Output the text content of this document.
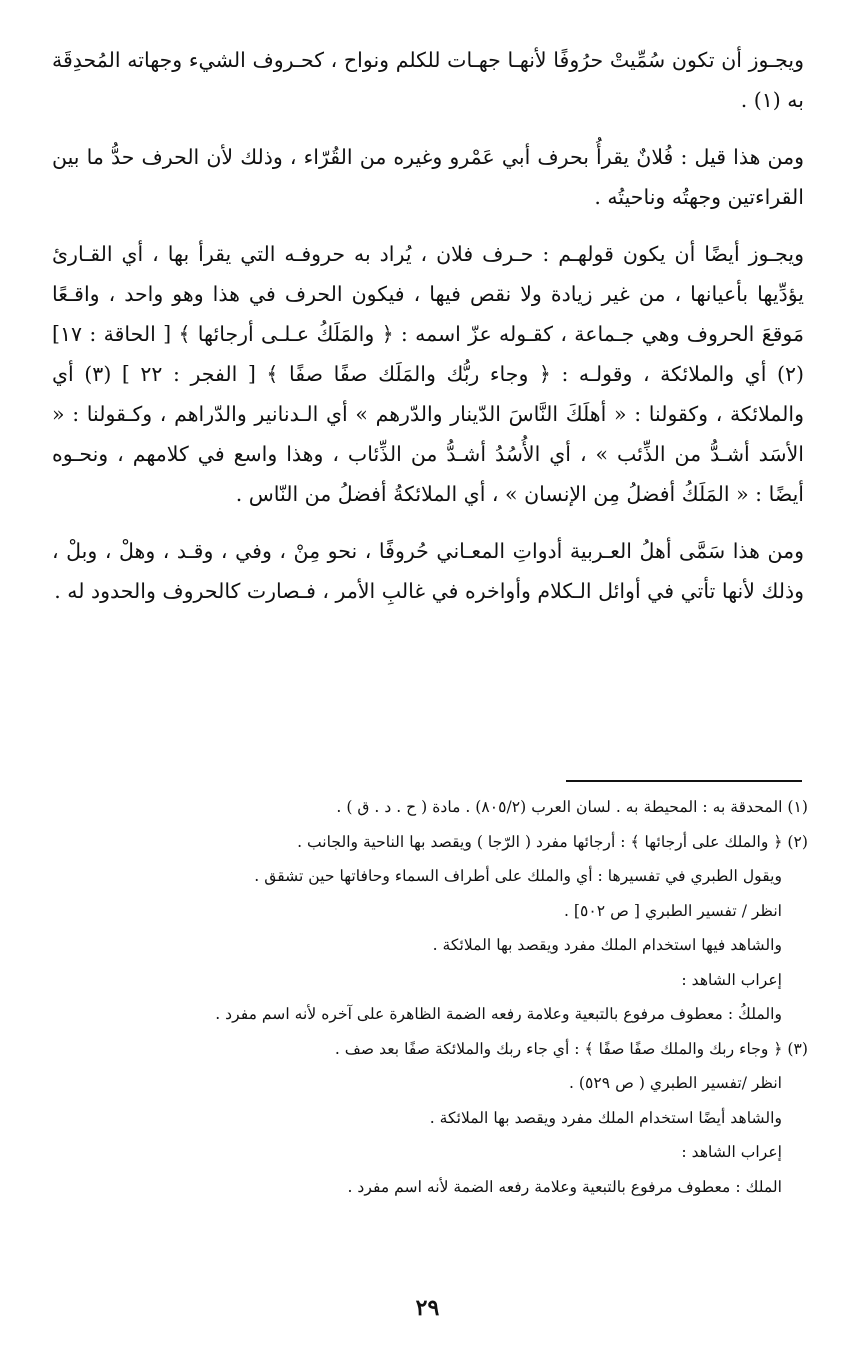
ويجـوز أن تكون سُمِّيتْ حرُوفًا لأنهـا جهـات للكلم ونواح ، كحـروف الشيء وجهاته المُحدِقَة به (١) .

ومن هذا قيل : فُلانٌ يقرأُ بحرف أبي عَمْرو وغيره من القُرّاء ، وذلك لأن الحرف حدُّ ما بين القراءتين وجهتُه وناحيتُه .

ويجـوز أيضًا أن يكون قولهـم : حـرف فلان ، يُراد به حروفـه التي يقرأ بها ، أي القـارئ يؤدِّيها بأعيانها ، من غير زيادة ولا نقص فيها ، فيكون الحرف في هذا وهو واحد ، واقـعًا مَوقعَ الحروف وهي جـماعة ، كقـوله عزّ اسمه : ﴿ والمَلَكُ عـلـى أرجائها ﴾ [ الحاقة : ١٧] (٢) أي والملائكة ، وقولـه : ﴿ وجاء ربُّك والمَلَك صفًا صفًا ﴾ [ الفجر : ٢٢ ] (٣) أي والملائكة ، وكقولنا : « أهلَكَ النَّاسَ الدّينار والدّرهم » أي الـدنانير والدّراهم ، وكـقولنا : « الأسَد أشـدُّ من الذِّئب » ، أي الأُسُدُ أشـدُّ من الذِّئاب ، وهذا واسع في كلامهم ، ونحـوه أيضًا : « المَلَكُ أفضلُ مِن الإنسان » ، أي الملائكةُ أفضلُ من النّاس .

ومن هذا سَمَّى أهلُ العـربية أدواتِ المعـاني حُروفًا ، نحو مِنْ ، وفي ، وقـد ، وهلْ ، وبلْ ، وذلك لأنها تأتي في أوائل الـكلام وأواخره في غالبِ الأمر ، فـصارت كالحروف والحدود له .

(١) المحدقة به : المحيطة به . لسان العرب (٨٠٥/٢) . مادة ( ح . د . ق ) .

(٢) ﴿ والملك على أرجائها ﴾ : أرجائها مفرد ( الرّجا ) ويقصد بها الناحية والجانب .

ويقول الطبري في تفسيرها : أي والملك على أطراف السماء وحافاتها حين تشقق .

انظر / تفسير الطبري [ ص ٥٠٢] .

والشاهد فيها استخدام الملك مفرد ويقصد بها الملائكة .

إعراب الشاهد :

والملكُ : معطوف مرفوع بالتبعية وعلامة رفعه الضمة الظاهرة على آخره لأنه اسم مفرد .

(٣) ﴿ وجاء ربك والملك صفًا صفًا ﴾ : أي جاء ربك والملائكة صفًا بعد صف .

انظر /تفسير الطبري ( ص ٥٢٩) .

والشاهد أيضًا استخدام الملك مفرد ويقصد بها الملائكة .

إعراب الشاهد :

الملك : معطوف مرفوع بالتبعية وعلامة رفعه الضمة لأنه اسم مفرد .

٢٩
